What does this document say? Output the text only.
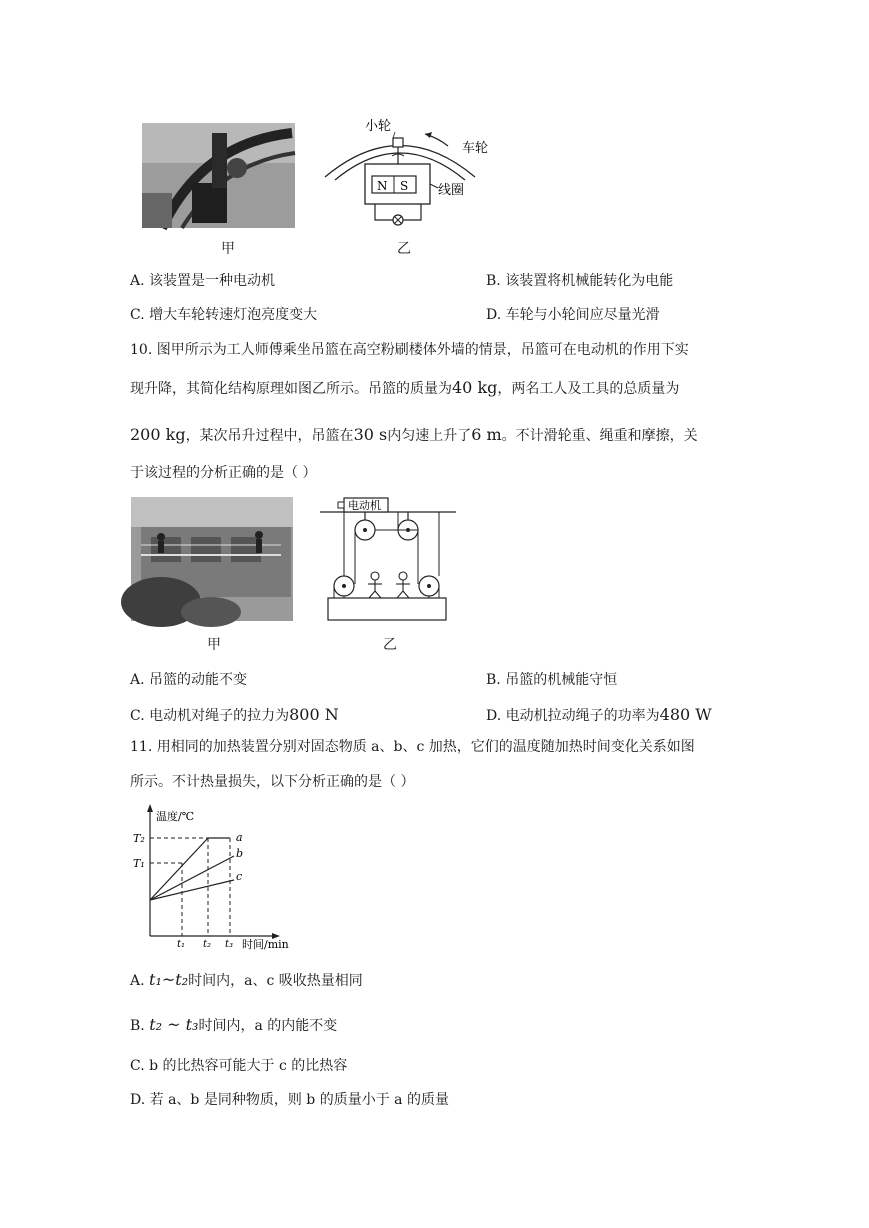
甲
N S
小轮
车轮
线圈
乙
A. 该装置是一种电动机	B. 该装置将机械能转化为电能
C. 增大车轮转速灯泡亮度变大	D. 车轮与小轮间应尽量光滑
10. 图甲所示为工人师傅乘坐吊篮在高空粉刷楼体外墙的情景，吊篮可在电动机的作用下实
现升降，其简化结构原理如图乙所示。吊篮的质量为40 kg，两名工人及工具的总质量为
200 kg，某次吊升过程中，吊篮在30 s内匀速上升了6 m。不计滑轮重、绳重和摩擦，关
于该过程的分析正确的是（ ）
甲
电动机
乙
A. 吊篮的动能不变	B. 吊篮的机械能守恒
C. 电动机对绳子的拉力为800 N	D. 电动机拉动绳子的功率为480 W
11. 用相同的加热装置分别对固态物质 a、b、c 加热，它们的温度随加热时间变化关系如图
所示。不计热量损失，以下分析正确的是（ ）
温度/℃
时间/min
T₂
T₁
t₁ t₂ t₃
a
b
c
A. t₁~t₂时间内，a、c 吸收热量相同
B. t₂ ~ t₃时间内，a 的内能不变
C. b 的比热容可能大于 c 的比热容
D. 若 a、b 是同种物质，则 b 的质量小于 a 的质量
